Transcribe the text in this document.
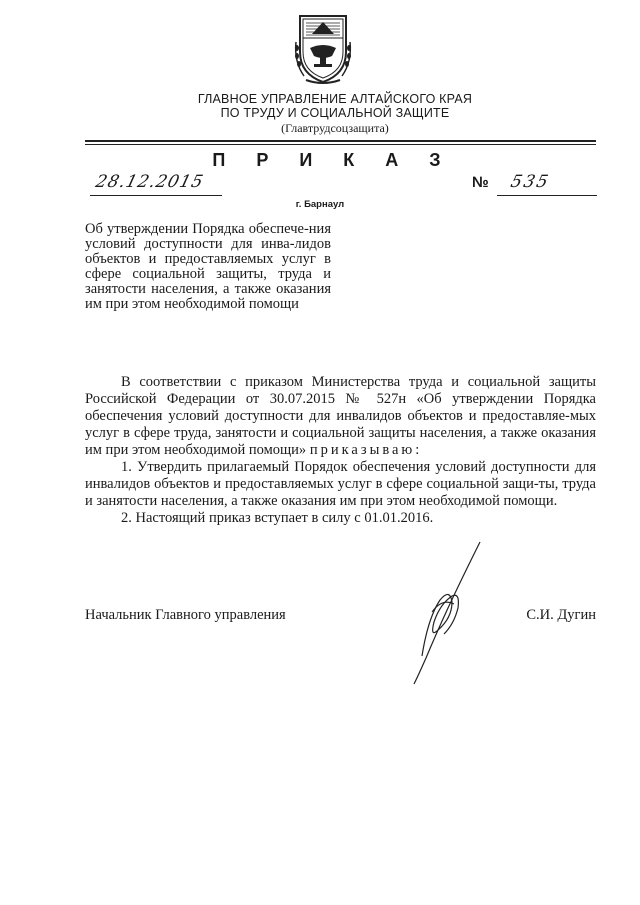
ГЛАВНОЕ УПРАВЛЕНИЕ АЛТАЙСКОГО КРАЯ
ПО ТРУДУ И СОЦИАЛЬНОЙ ЗАЩИТЕ
(Главтрудсоцзащита)
П Р И К А З
28.12.2015	№ 535
г. Барнаул
Об утверждении Порядка обеспече-ния условий доступности для инва-лидов объектов и предоставляемых услуг в сфере социальной защиты, труда и занятости населения, а также оказания им при этом необходимой помощи

В соответствии с приказом Министерства труда и социальной защиты Российской Федерации от 30.07.2015 № 527н «Об утверждении Порядка обеспечения условий доступности для инвалидов объектов и предоставляе-мых услуг в сфере труда, занятости и социальной защиты населения, а также оказания им при этом необходимой помощи» приказываю:

1. Утвердить прилагаемый Порядок обеспечения условий доступности для инвалидов объектов и предоставляемых услуг в сфере социальной защи-ты, труда и занятости населения, а также оказания им при этом необходимой помощи.

2. Настоящий приказ вступает в силу с 01.01.2016.

Начальник Главного управления	С.И. Дугин
